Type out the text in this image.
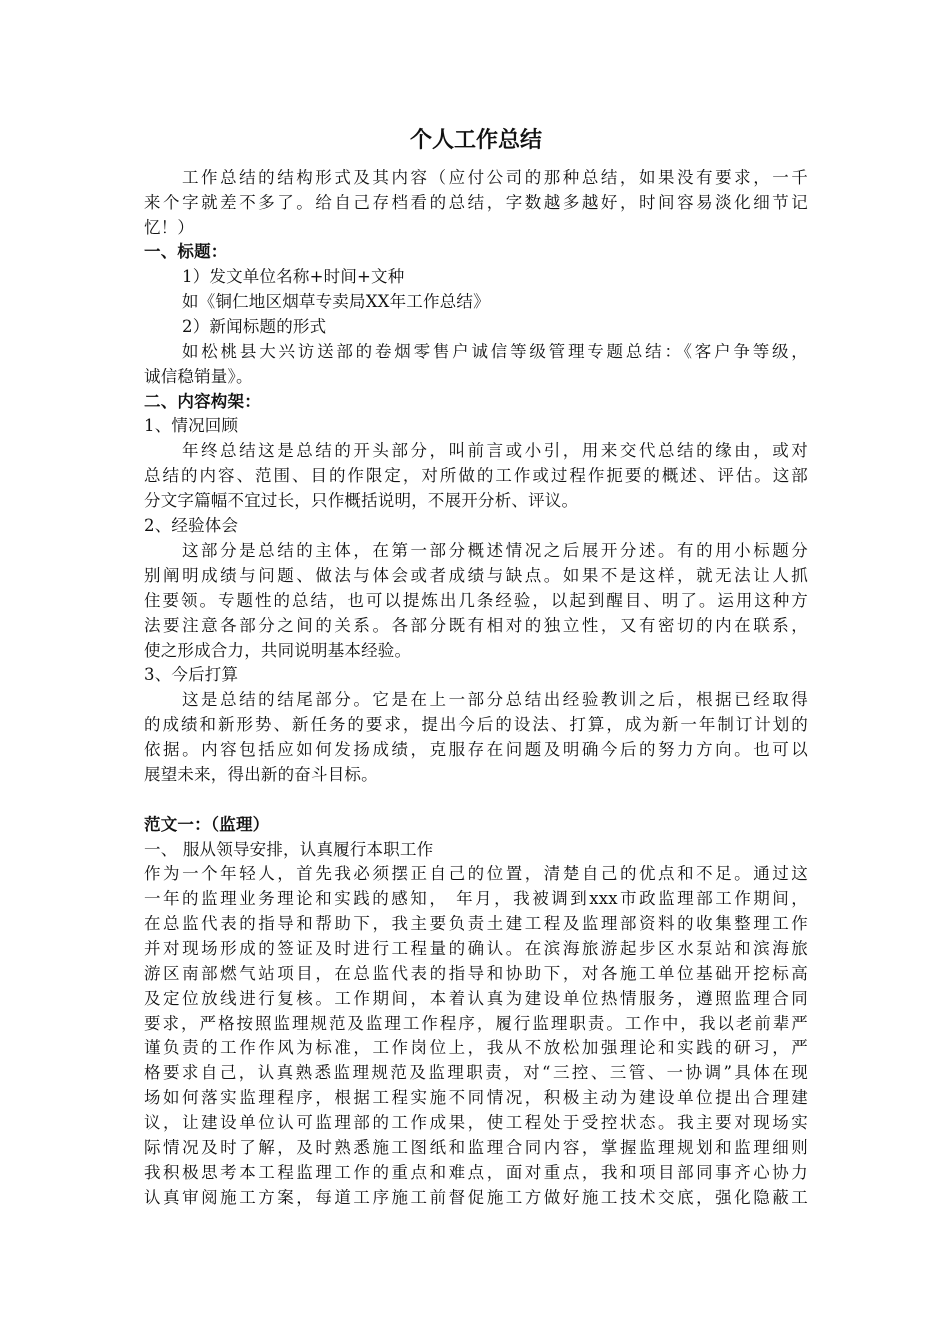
个人工作总结
工作总结的结构形式及其内容（应付公司的那种总结，如果没有要求，一千
来个字就差不多了。给自己存档看的总结，字数越多越好，时间容易淡化细节记
忆！）
一、标题：
1）发文单位名称+时间+文种
如《铜仁地区烟草专卖局XX年工作总结》
2）新闻标题的形式
如松桃县大兴访送部的卷烟零售户诚信等级管理专题总结：《客户争等级，
诚信稳销量》。
二、内容构架：
1、情况回顾
年终总结这是总结的开头部分，叫前言或小引，用来交代总结的缘由，或对
总结的内容、范围、目的作限定，对所做的工作或过程作扼要的概述、评估。这部
分文字篇幅不宜过长，只作概括说明，不展开分析、评议。
2、经验体会
这部分是总结的主体，在第一部分概述情况之后展开分述。有的用小标题分
别阐明成绩与问题、做法与体会或者成绩与缺点。如果不是这样，就无法让人抓
住要领。专题性的总结，也可以提炼出几条经验，以起到醒目、明了。运用这种方
法要注意各部分之间的关系。各部分既有相对的独立性，又有密切的内在联系，
使之形成合力，共同说明基本经验。
3、今后打算
这是总结的结尾部分。它是在上一部分总结出经验教训之后，根据已经取得
的成绩和新形势、新任务的要求，提出今后的设法、打算，成为新一年制订计划的
依据。内容包括应如何发扬成绩，克服存在问题及明确今后的努力方向。也可以
展望未来，得出新的奋斗目标。
范文一：（监理）
一、 服从领导安排，认真履行本职工作
作为一个年轻人，首先我必须摆正自己的位置，清楚自己的优点和不足。通过这
一年的监理业务理论和实践的感知， 年月，我被调到xxx市政监理部工作期间，
在总监代表的指导和帮助下，我主要负责土建工程及监理部资料的收集整理工作
并对现场形成的签证及时进行工程量的确认。在滨海旅游起步区水泵站和滨海旅
游区南部燃气站项目，在总监代表的指导和协助下，对各施工单位基础开挖标高
及定位放线进行复核。工作期间，本着认真为建设单位热情服务，遵照监理合同
要求，严格按照监理规范及监理工作程序，履行监理职责。工作中，我以老前辈严
谨负责的工作作风为标准，工作岗位上，我从不放松加强理论和实践的研习，严
格要求自己，认真熟悉监理规范及监理职责，对“三控、三管、一协调”具体在现
场如何落实监理程序，根据工程实施不同情况，积极主动为建设单位提出合理建
议，让建设单位认可监理部的工作成果，使工程处于受控状态。我主要对现场实
际情况及时了解，及时熟悉施工图纸和监理合同内容，掌握监理规划和监理细则
我积极思考本工程监理工作的重点和难点，面对重点，我和项目部同事齐心协力
认真审阅施工方案，每道工序施工前督促施工方做好施工技术交底，强化隐蔽工
